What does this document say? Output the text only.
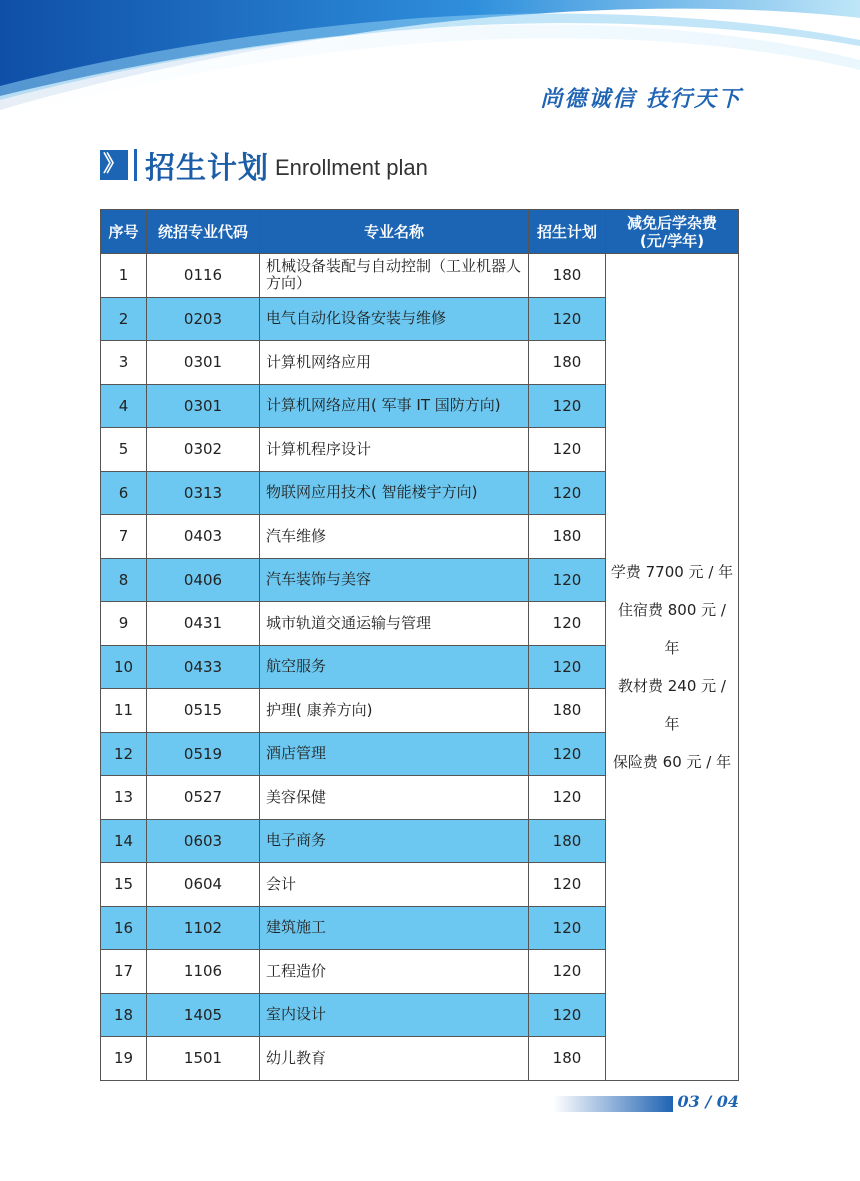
尚德诚信 技行天下
》 招生计划 Enrollment plan
序号	统招专业代码	专业名称	招生计划	减免后学杂费
(元/学年)
1	0116	机械设备装配与自动控制（工业机器人方向）	180	学费 7700 元 / 年
住宿费 800 元 / 年
教材费 240 元 / 年
保险费 60 元 / 年

2	0203	电气自动化设备安装与维修	120	
3	0301	计算机网络应用	180	
4	0301	计算机网络应用( 军事 IT 国防方向)	120	
5	0302	计算机程序设计	120	
6	0313	物联网应用技术( 智能楼宇方向)	120	
7	0403	汽车维修	180	
8	0406	汽车装饰与美容	120	
9	0431	城市轨道交通运输与管理	120	
10	0433	航空服务	120	
11	0515	护理( 康养方向)	180	
12	0519	酒店管理	120	
13	0527	美容保健	120	
14	0603	电子商务	180	
15	0604	会计	120	
16	1102	建筑施工	120	
17	1106	工程造价	120	
18	1405	室内设计	120	
19	1501	幼儿教育	180	
03 / 04
